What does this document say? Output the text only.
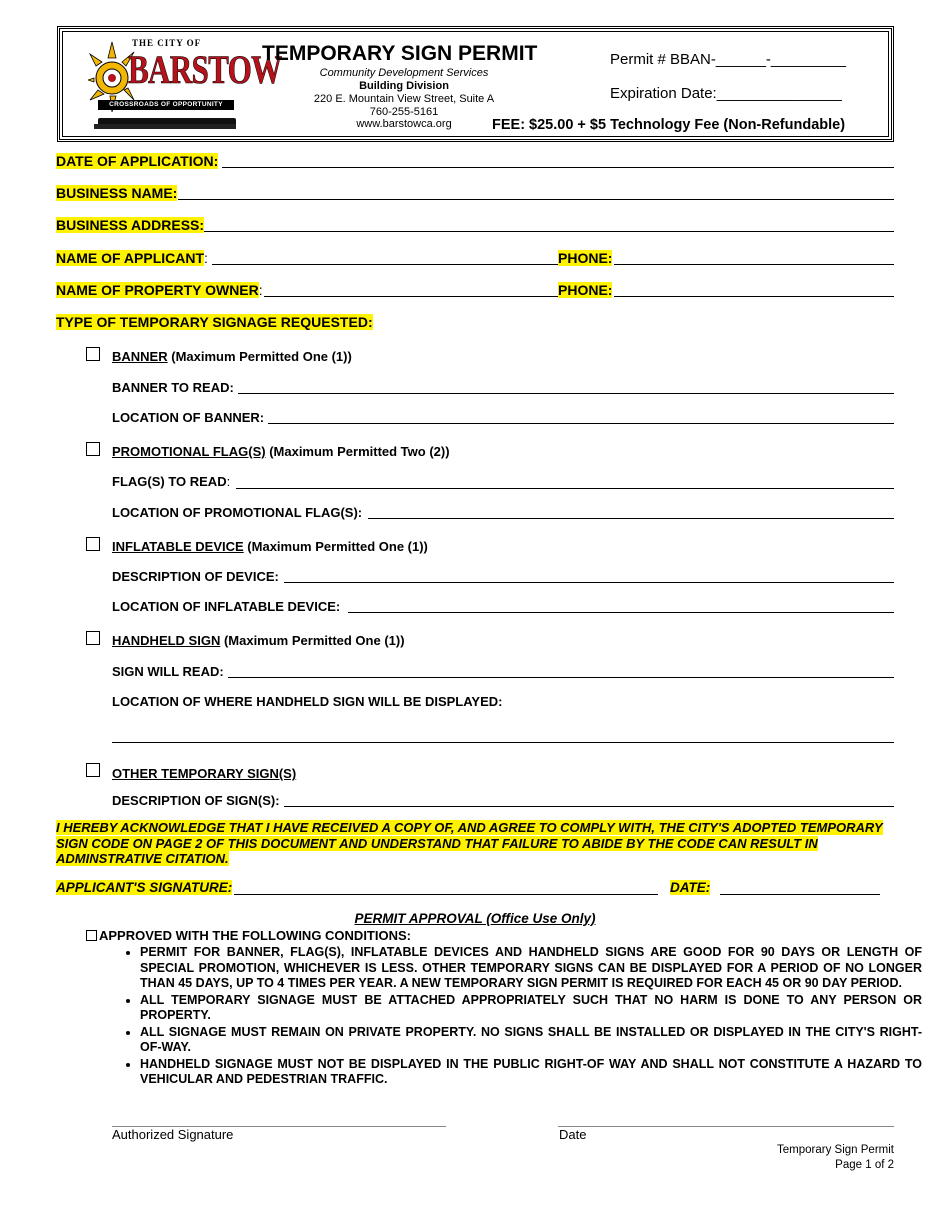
THE CITY OF
BARSTOW
CROSSROADS OF OPPORTUNITY
TEMPORARY SIGN PERMIT
Community Development Services
Building Division
220 E. Mountain View Street, Suite A
760-255-5161
www.barstowca.org
Permit # BBAN-______-_________
Expiration Date:_______________
FEE: $25.00 + $5 Technology Fee (Non-Refundable)
DATE OF APPLICATION:
BUSINESS NAME:
BUSINESS ADDRESS:
NAME OF APPLICANT:	PHONE:
NAME OF PROPERTY OWNER:	PHONE:
TYPE OF TEMPORARY SIGNAGE REQUESTED:
BANNER (Maximum Permitted One (1))
BANNER TO READ:
LOCATION OF BANNER:
PROMOTIONAL FLAG(S) (Maximum Permitted Two (2))
FLAG(S) TO READ:
LOCATION OF PROMOTIONAL FLAG(S):
INFLATABLE DEVICE (Maximum Permitted One (1))
DESCRIPTION OF DEVICE:
LOCATION OF INFLATABLE DEVICE:
HANDHELD SIGN (Maximum Permitted One (1))
SIGN WILL READ:
LOCATION OF WHERE HANDHELD SIGN WILL BE DISPLAYED:
OTHER TEMPORARY SIGN(S)
DESCRIPTION OF SIGN(S):
I HEREBY ACKNOWLEDGE THAT I HAVE RECEIVED A COPY OF, AND AGREE TO COMPLY WITH, THE CITY'S ADOPTED TEMPORARY SIGN CODE ON PAGE 2 OF THIS DOCUMENT AND UNDERSTAND THAT FAILURE TO ABIDE BY THE CODE CAN RESULT IN ADMINSTRATIVE CITATION.
APPLICANT'S SIGNATURE:	DATE:
PERMIT APPROVAL (Office Use Only)
APPROVED WITH THE FOLLOWING CONDITIONS:
• PERMIT FOR BANNER, FLAG(S), INFLATABLE DEVICES AND HANDHELD SIGNS ARE GOOD FOR 90 DAYS OR LENGTH OF SPECIAL PROMOTION, WHICHEVER IS LESS. OTHER TEMPORARY SIGNS CAN BE DISPLAYED FOR A PERIOD OF NO LONGER THAN 45 DAYS, UP TO 4 TIMES PER YEAR. A NEW TEMPORARY SIGN PERMIT IS REQUIRED FOR EACH 45 OR 90 DAY PERIOD.
• ALL TEMPORARY SIGNAGE MUST BE ATTACHED APPROPRIATELY SUCH THAT NO HARM IS DONE TO ANY PERSON OR PROPERTY.
• ALL SIGNAGE MUST REMAIN ON PRIVATE PROPERTY. NO SIGNS SHALL BE INSTALLED OR DISPLAYED IN THE CITY'S RIGHT-OF-WAY.
• HANDHELD SIGNAGE MUST NOT BE DISPLAYED IN THE PUBLIC RIGHT-OF WAY AND SHALL NOT CONSTITUTE A HAZARD TO VEHICULAR AND PEDESTRIAN TRAFFIC.
Authorized Signature	Date
Temporary Sign Permit
Page 1 of 2
